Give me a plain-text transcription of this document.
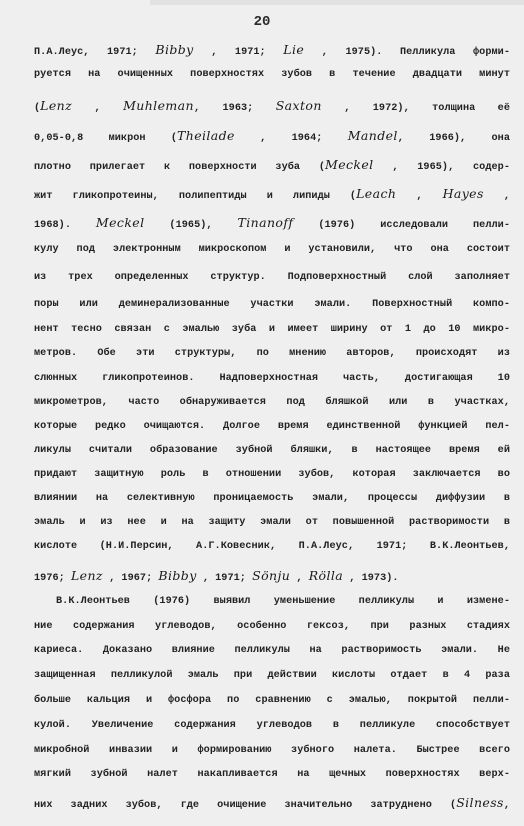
20
П.А.Леус, 1971; Bibby , 1971; Lie , 1975). Пелликула форми-
руется на очищенных поверхностях зубов в течение двадцати минут
(Lenz , Muhleman, 1963; Saxton , 1972), толщина её
0,05-0,8 микрон (Theilade , 1964; Mandel, 1966), она
плотно прилегает к поверхности зуба (Meckel , 1965), содер-
жит гликопротеины, полипептиды и липиды (Leach , Hayes ,
1968). Meckel (1965), Tinanoff (1976) исследовали пелли-
кулу под электронным микроскопом и установили, что она состоит
из трех определенных структур. Подповерхностный слой заполняет
поры или деминерализованные участки эмали. Поверхностный компо-
нент тесно связан с эмалью зуба и имеет ширину от 1 до 10 микро-
метров. Обе эти структуры, по мнению авторов, происходят из
слюнных гликопротеинов. Надповерхностная часть, достигающая 10
микрометров, часто обнаруживается под бляшкой или в участках,
которые редко очищаются. Долгое время единственной функцией пел-
ликулы считали образование зубной бляшки, в настоящее время ей
придают защитную роль в отношении зубов, которая заключается во
влиянии на селективную проницаемость эмали, процессы диффузии в
эмаль и из нее и на защиту эмали от повышенной растворимости в
кислоте (Н.И.Персин, А.Г.Ковесник, П.А.Леус, 1971; В.К.Леонтьев,
1976; Lenz , 1967; Bibby , 1971; Sönju , Rölla , 1973).
В.К.Леонтьев (1976) выявил уменьшение пелликулы и измене-
ние содержания углеводов, особенно гексоз, при разных стадиях
кариеса. Доказано влияние пелликулы на растворимость эмали. Не
защищенная пелликулой эмаль при действии кислоты отдает в 4 раза
больше кальция и фосфора по сравнению с эмалью, покрытой пелли-
кулой. Увеличение содержания углеводов в пелликуле способствует
микробной инвазии и формированию зубного налета. Быстрее всего
мягкий зубной налет накапливается на щечных поверхностях верх-
них задних зубов, где очищение значительно затруднено (Silness,
